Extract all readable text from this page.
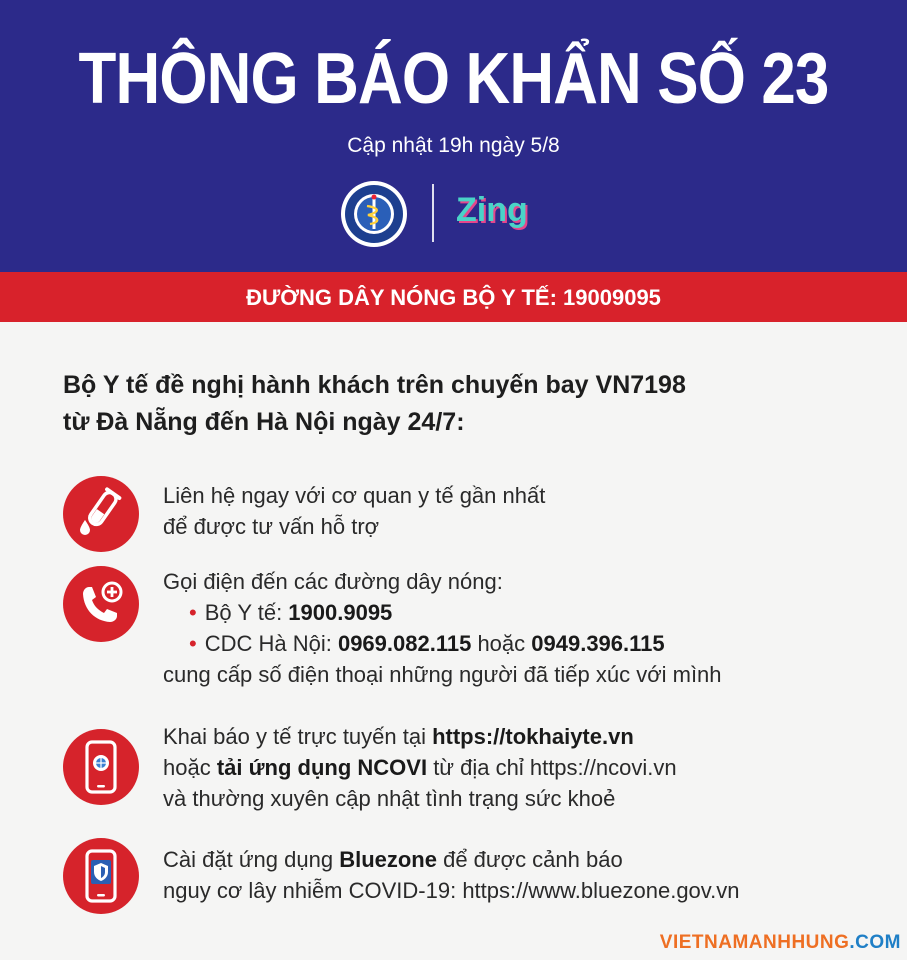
THÔNG BÁO KHẨN SỐ 23
Cập nhật 19h ngày 5/8
Zing
ĐƯỜNG DÂY NÓNG BỘ Y TẾ: 19009095
Bộ Y tế đề nghị hành khách trên chuyến bay VN7198
từ Đà Nẵng đến Hà Nội ngày 24/7:
Liên hệ ngay với cơ quan y tế gần nhất
để được tư vấn hỗ trợ
Gọi điện đến các đường dây nóng:
• Bộ Y tế: 1900.9095
• CDC Hà Nội: 0969.082.115 hoặc 0949.396.115
cung cấp số điện thoại những người đã tiếp xúc với mình
Khai báo y tế trực tuyến tại https://tokhaiyte.vn
hoặc tải ứng dụng NCOVI từ địa chỉ https://ncovi.vn
và thường xuyên cập nhật tình trạng sức khoẻ
Cài đặt ứng dụng Bluezone để được cảnh báo
nguy cơ lây nhiễm COVID-19: https://www.bluezone.gov.vn
VIETNAMANHHUNG.COM
